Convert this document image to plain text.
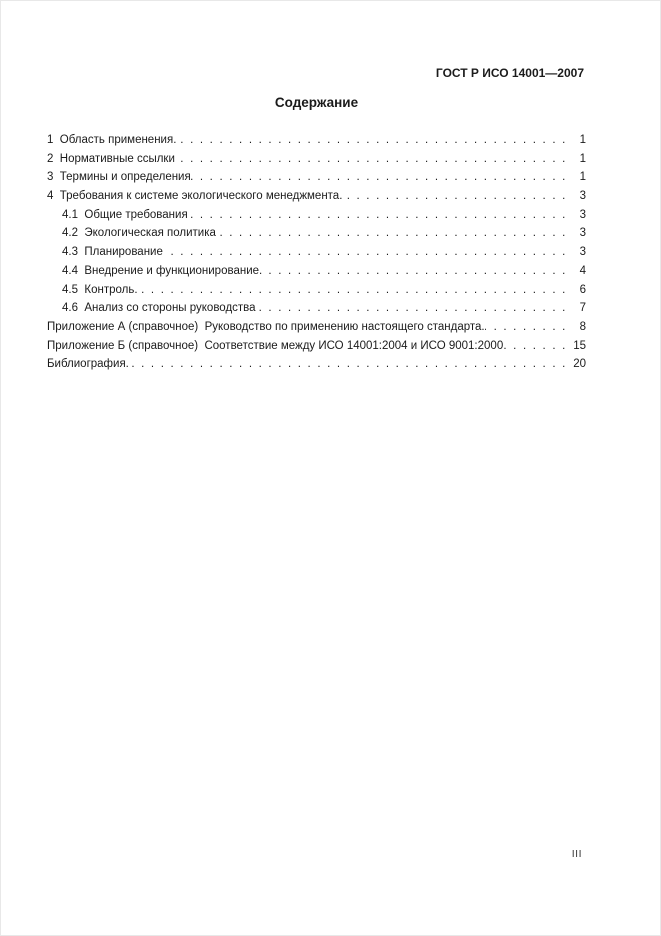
ГОСТ Р ИСО 14001—2007
Содержание
1  Область применения. . . .	1
2  Нормативные ссылки . . .	1
3  Термины и определения . . .	1
4  Требования к системе экологического менеджмента. . . .	3
4.1  Общие требования . . .	3
4.2  Экологическая политика . . .	3
4.3  Планирование . . .	3
4.4  Внедрение и функционирование. . . .	4
4.5  Контроль. . . .	6
4.6  Анализ со стороны руководства . . .	7
Приложение А (справочное)  Руководство по применению настоящего стандарта. . . .	8
Приложение Б (справочное)  Соответствие между ИСО 14001:2004 и ИСО 9001:2000 . . .	15
Библиография. . . .	20
III
